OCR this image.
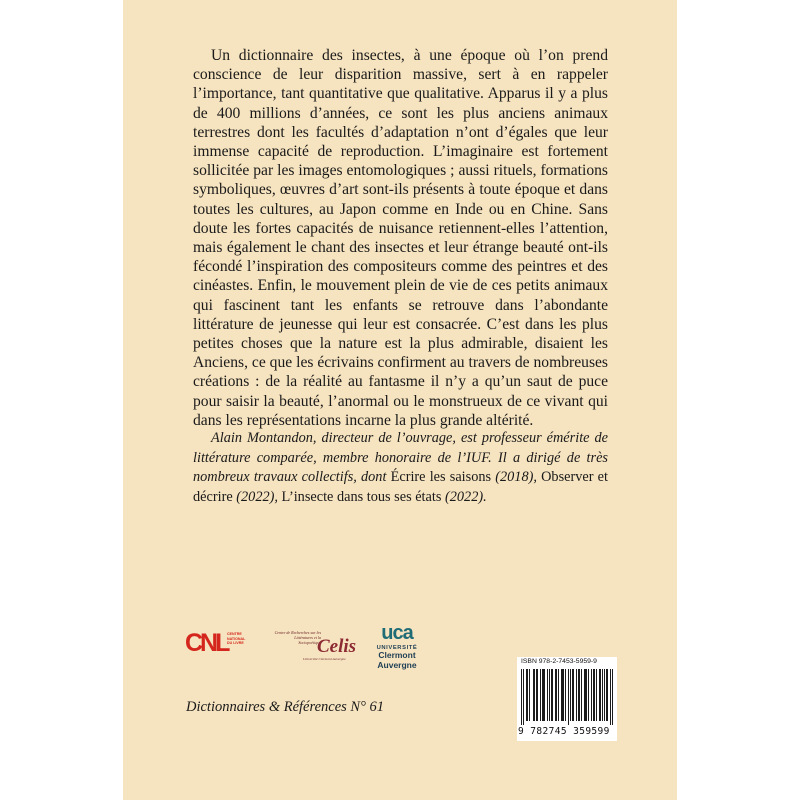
Un dictionnaire des insectes, à une époque où l’on prend conscience de leur disparition massive, sert à en rappeler l’importance, tant quantitative que qualitative. Apparus il y a plus de 400 millions d’années, ce sont les plus anciens animaux terrestres dont les facultés d’adaptation n’ont d’égales que leur immense capacité de reproduction. L’imaginaire est fortement sollicitée par les images entomologiques ; aussi rituels, formations symboliques, œuvres d’art sont-ils présents à toute époque et dans toutes les cultures, au Japon comme en Inde ou en Chine. Sans doute les fortes capacités de nuisance retiennent-elles l’attention, mais également le chant des insectes et leur étrange beauté ont-ils fécondé l’inspiration des compositeurs comme des peintres et des cinéastes. Enfin, le mouvement plein de vie de ces petits animaux qui fascinent tant les enfants se retrouve dans l’abondante littérature de jeunesse qui leur est consacrée. C’est dans les plus petites choses que la nature est la plus admirable, disaient les Anciens, ce que les écrivains confirment au travers de nombreuses créations : de la réalité au fantasme il n’y a qu’un saut de puce pour saisir la beauté, l’anormal ou le monstrueux de ce vivant qui dans les représentations incarne la plus grande altérité.

Alain Montandon, directeur de l’ouvrage, est professeur émérite de littérature comparée, membre honoraire de l’IUF. Il a dirigé de très nombreux travaux collectifs, dont Écrire les saisons (2018), Observer et décrire (2022), L’insecte dans tous ses états (2022).

CNL CENTRE NATIONAL DU LIVRE
Centre de Recherches sur les Littératures et la Sociopoétique
Celis
Université Clermont Auvergne
uca
UNIVERSITÉ
Clermont
Auvergne
Dictionnaires & Références N° 61
ISBN 978-2-7453-5959-9
9 782745 359599
